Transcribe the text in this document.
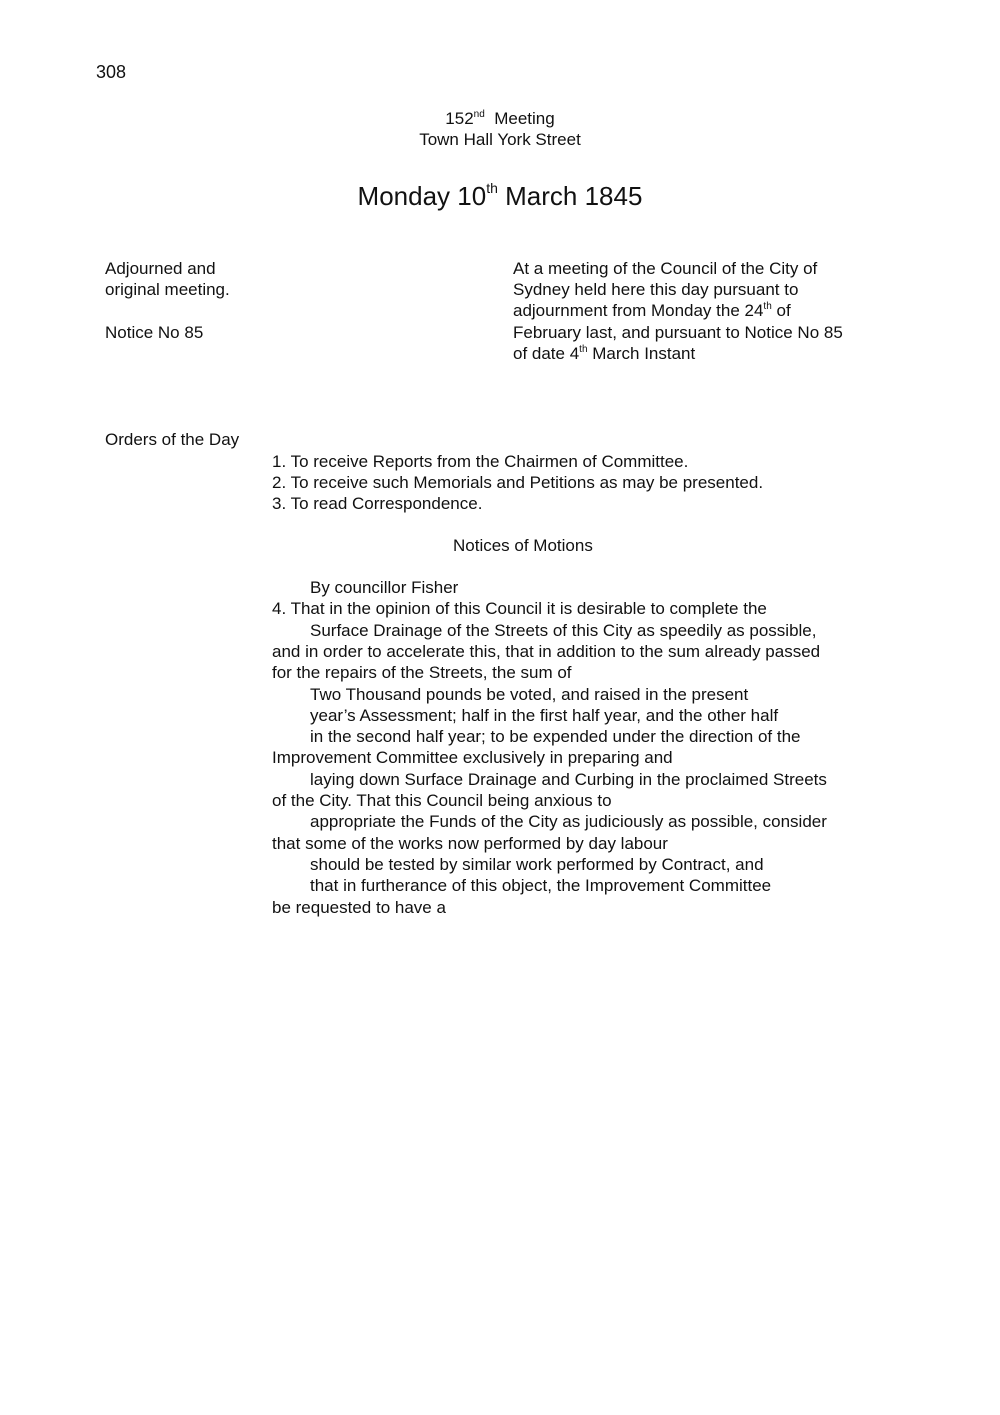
308
152nd Meeting
Town Hall York Street
Monday 10th March 1845
Adjourned and
original meeting.
Notice No 85
At a meeting of the Council of the City of
Sydney held here this day pursuant to
adjournment from Monday the 24th of
February last, and pursuant to Notice No 85
of date 4th March Instant
Orders of the Day
1. To receive Reports from the Chairmen of Committee.
2. To receive such Memorials and Petitions as may be presented.
3. To read Correspondence.
Notices of Motions
By councillor Fisher
4. That in the opinion of this Council it is desirable to complete the
Surface Drainage of the Streets of this City as speedily as possible,
and in order to accelerate this, that in addition to the sum already passed
for the repairs of the Streets, the sum of
Two Thousand pounds be voted, and raised in the present
year’s Assessment; half in the first half year, and the other half
in the second half year; to be expended under the direction of the
Improvement Committee exclusively in preparing and
laying down Surface Drainage and Curbing in the proclaimed Streets
of the City. That this Council being anxious to
appropriate the Funds of the City as judiciously as possible, consider
that some of the works now performed by day labour
should be tested by similar work performed by Contract, and
that in furtherance of this object, the Improvement Committee
be requested to have a
